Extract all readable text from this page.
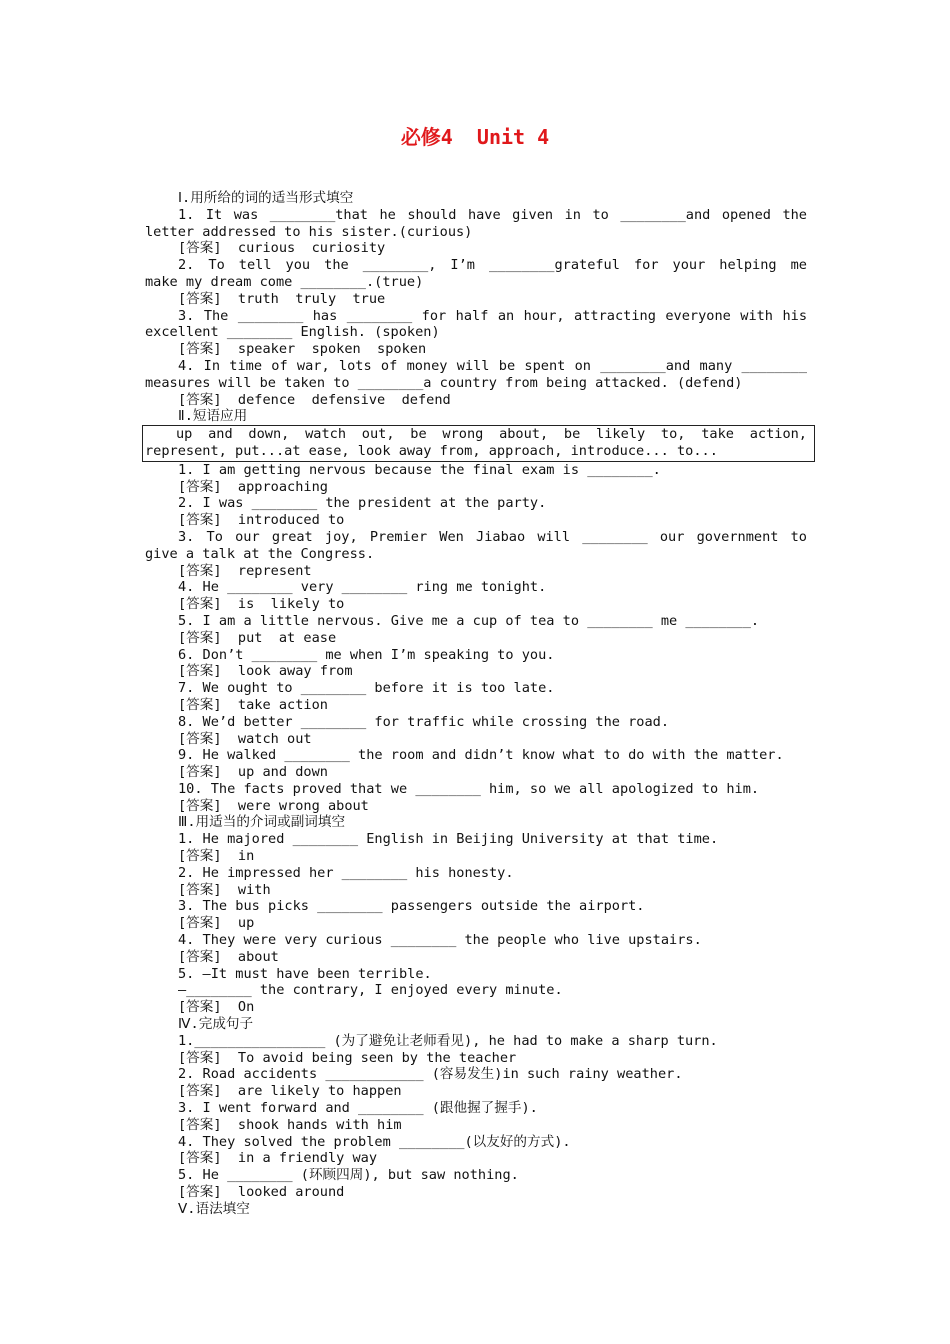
必修4  Unit 4
Ⅰ.用所给的词的适当形式填空
1. It was ________that he should have given in to ________and opened the
letter addressed to his sister.(curious)
[答案]  curious  curiosity
2. To tell you the ________, I’m ________grateful for your helping me
make my dream come ________.(true)
[答案]  truth  truly  true
3. The ________ has ________ for half an hour, attracting everyone with his
excellent ________ English. (spoken)
[答案]  speaker  spoken  spoken
4. In time of war, lots of money will be spent on ________and many ________
measures will be taken to ________a country from being attacked. (defend)
[答案]  defence  defensive  defend
Ⅱ.短语应用
up and down, watch out, be wrong about, be likely to, take action,
represent, put...at ease, look away from, approach, introduce... to...
1. I am getting nervous because the final exam is ________.
[答案]  approaching
2. I was ________ the president at the party.
[答案]  introduced to
3. To our great joy, Premier Wen Jiabao will ________ our government to
give a talk at the Congress.
[答案]  represent
4. He ________ very ________ ring me tonight.
[答案]  is  likely to
5. I am a little nervous. Give me a cup of tea to ________ me ________.
[答案]  put  at ease
6. Don’t ________ me when I’m speaking to you.
[答案]  look away from
7. We ought to ________ before it is too late.
[答案]  take action
8. We’d better ________ for traffic while crossing the road.
[答案]  watch out
9. He walked ________ the room and didn’t know what to do with the matter.
[答案]  up and down
10. The facts proved that we ________ him, so we all apologized to him.
[答案]  were wrong about
Ⅲ.用适当的介词或副词填空
1. He majored ________ English in Beijing University at that time.
[答案]  in
2. He impressed her ________ his honesty.
[答案]  with
3. The bus picks ________ passengers outside the airport.
[答案]  up
4. They were very curious ________ the people who live upstairs.
[答案]  about
5. —It must have been terrible.
—________ the contrary, I enjoyed every minute.
[答案]  On
Ⅳ.完成句子
1.________________ (为了避免让老师看见), he had to make a sharp turn.
[答案]  To avoid being seen by the teacher
2. Road accidents ____________ (容易发生)in such rainy weather.
[答案]  are likely to happen
3. I went forward and ________ (跟他握了握手).
[答案]  shook hands with him
4. They solved the problem ________(以友好的方式).
[答案]  in a friendly way
5. He ________ (环顾四周), but saw nothing.
[答案]  looked around
Ⅴ.语法填空
